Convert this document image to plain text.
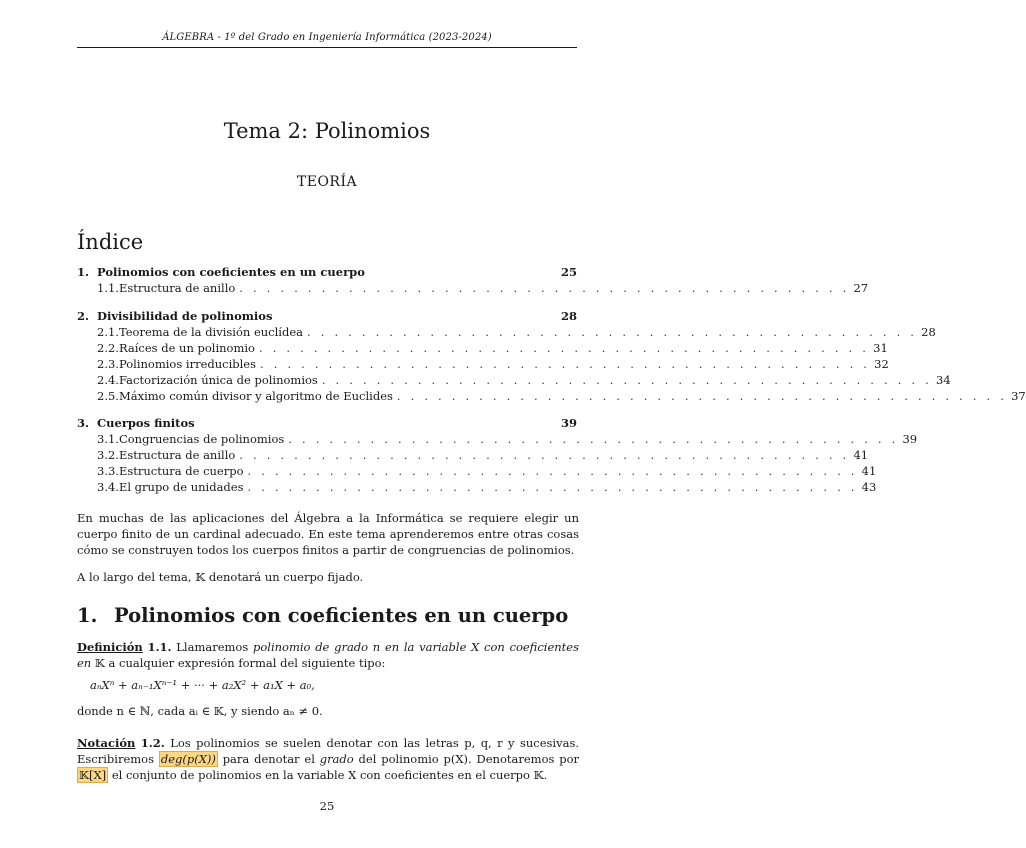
ÁLGEBRA - 1º del Grado en Ingeniería Informática (2023-2024)
Tema 2: Polinomios
TEORÍA
Índice
1. Polinomios con coeficientes en un cuerpo	25
1.1. Estructura de anillo . . . . . . . . . . . . . . . . . . . . . . . . . . . . . . . . . . . . . . . . . . . . . 27
2. Divisibilidad de polinomios	28
2.1. Teorema de la división euclídea . . . . . . . . . . . . . . . . . . . . . . . . . . . . . . . . . . . . . . . . . . . . . 28
2.2. Raíces de un polinomio . . . . . . . . . . . . . . . . . . . . . . . . . . . . . . . . . . . . . . . . . . . . . 31
2.3. Polinomios irreducibles . . . . . . . . . . . . . . . . . . . . . . . . . . . . . . . . . . . . . . . . . . . . . 32
2.4. Factorización única de polinomios . . . . . . . . . . . . . . . . . . . . . . . . . . . . . . . . . . . . . . . . . . . . . 34
2.5. Máximo común divisor y algoritmo de Euclides . . . . . . . . . . . . . . . . . . . . . . . . . . . . . . . . . . . . . . . . . . . . . 37
3. Cuerpos finitos	39
3.1. Congruencias de polinomios . . . . . . . . . . . . . . . . . . . . . . . . . . . . . . . . . . . . . . . . . . . . . 39
3.2. Estructura de anillo . . . . . . . . . . . . . . . . . . . . . . . . . . . . . . . . . . . . . . . . . . . . . 41
3.3. Estructura de cuerpo . . . . . . . . . . . . . . . . . . . . . . . . . . . . . . . . . . . . . . . . . . . . . 41
3.4. El grupo de unidades . . . . . . . . . . . . . . . . . . . . . . . . . . . . . . . . . . . . . . . . . . . . . 43
En muchas de las aplicaciones del Álgebra a la Informática se requiere elegir un cuerpo finito de un cardinal adecuado. En este tema aprenderemos entre otras cosas cómo se construyen todos los cuerpos finitos a partir de congruencias de polinomios.
A lo largo del tema, 𝕂 denotará un cuerpo fijado.
1. Polinomios con coeficientes en un cuerpo
Definición 1.1. Llamaremos polinomio de grado n en la variable X con coeficientes en 𝕂 a cualquier expresión formal del siguiente tipo:
aₙXⁿ + aₙ₋₁Xⁿ⁻¹ + ··· + a₂X² + a₁X + a₀,
donde n ∈ ℕ, cada aᵢ ∈ 𝕂, y siendo aₙ ≠ 0.
Notación 1.2. Los polinomios se suelen denotar con las letras p, q, r y sucesivas. Escribiremos deg(p(X)) para denotar el grado del polinomio p(X). Denotaremos por 𝕂[X] el conjunto de polinomios en la variable X con coeficientes en el cuerpo 𝕂.
25
